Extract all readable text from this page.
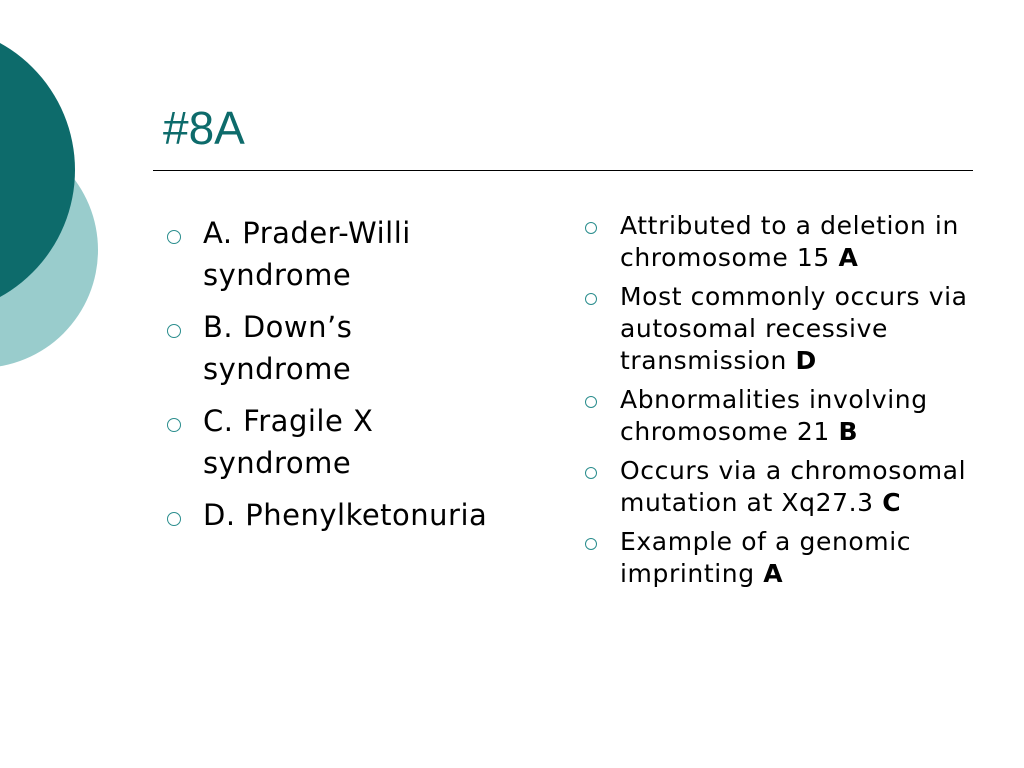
#8A
A. Prader-Willi syndrome
B. Down’s syndrome
C. Fragile X syndrome
D. Phenylketonuria
Attributed to a deletion in chromosome 15 A
Most commonly occurs via autosomal recessive transmission D
Abnormalities involving chromosome 21 B
Occurs via a chromosomal mutation at Xq27.3 C
Example of a genomic imprinting A
